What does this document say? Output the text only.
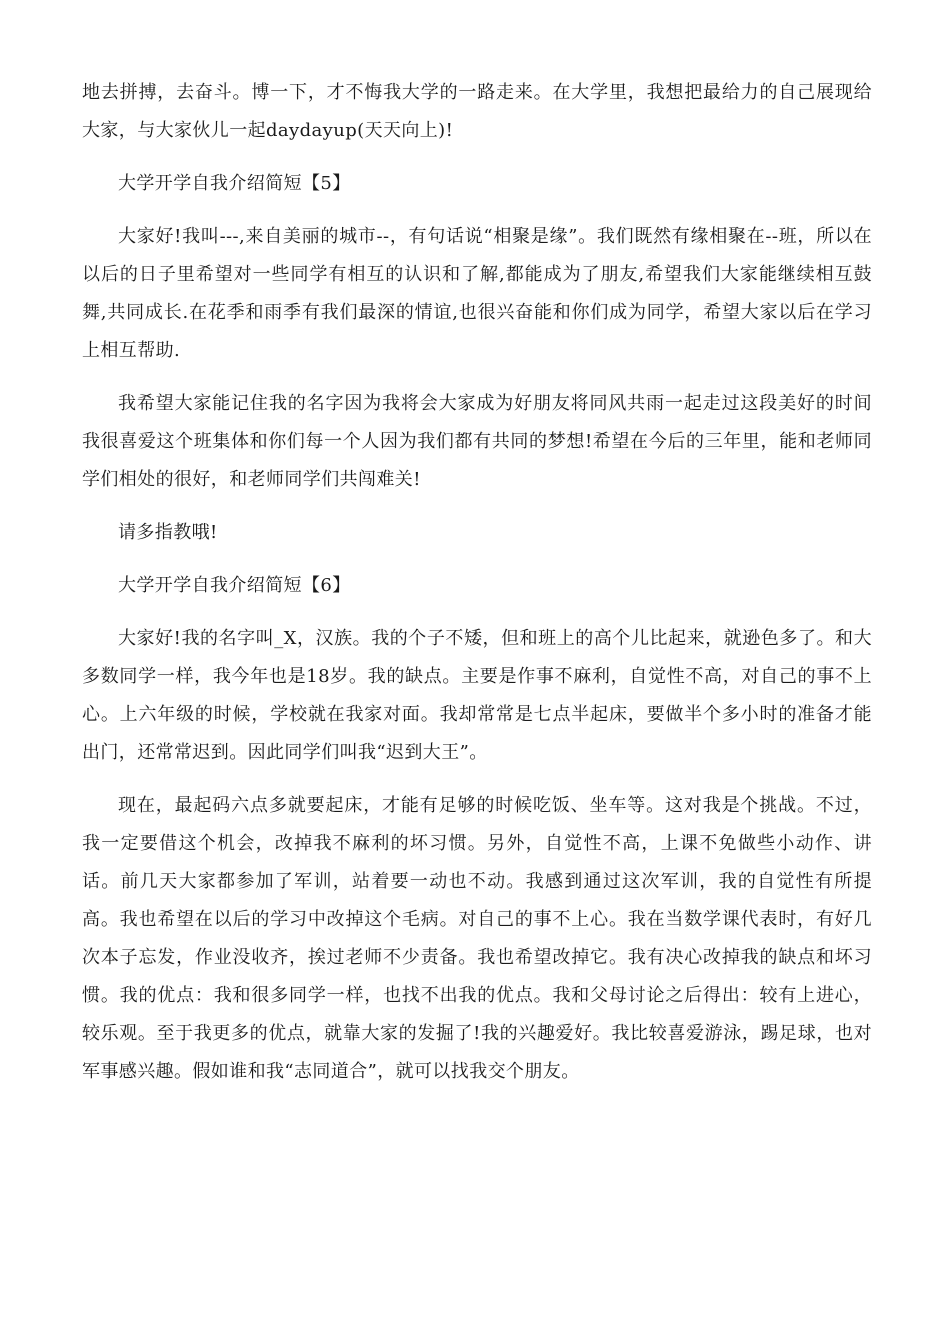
地去拼搏，去奋斗。博一下，才不悔我大学的一路走来。在大学里，我想把最给力的自己展现给大家，与大家伙儿一起daydayup(天天向上)!

大学开学自我介绍简短【5】

大家好!我叫---,来自美丽的城市--，有句话说“相聚是缘”。我们既然有缘相聚在--班，所以在以后的日子里希望对一些同学有相互的认识和了解,都能成为了朋友,希望我们大家能继续相互鼓舞,共同成长.在花季和雨季有我们最深的情谊,也很兴奋能和你们成为同学，希望大家以后在学习上相互帮助.

我希望大家能记住我的名字因为我将会大家成为好朋友将同风共雨一起走过这段美好的时间我很喜爱这个班集体和你们每一个人因为我们都有共同的梦想!希望在今后的三年里，能和老师同学们相处的很好，和老师同学们共闯难关!

请多指教哦!

大学开学自我介绍简短【6】

大家好!我的名字叫_X，汉族。我的个子不矮，但和班上的高个儿比起来，就逊色多了。和大多数同学一样，我今年也是18岁。我的缺点。主要是作事不麻利，自觉性不高，对自己的事不上心。上六年级的时候，学校就在我家对面。我却常常是七点半起床，要做半个多小时的准备才能出门，还常常迟到。因此同学们叫我“迟到大王”。

现在，最起码六点多就要起床，才能有足够的时候吃饭、坐车等。这对我是个挑战。不过，我一定要借这个机会，改掉我不麻利的坏习惯。另外，自觉性不高，上课不免做些小动作、讲话。前几天大家都参加了军训，站着要一动也不动。我感到通过这次军训，我的自觉性有所提高。我也希望在以后的学习中改掉这个毛病。对自己的事不上心。我在当数学课代表时，有好几次本子忘发，作业没收齐，挨过老师不少责备。我也希望改掉它。我有决心改掉我的缺点和坏习惯。我的优点：我和很多同学一样，也找不出我的优点。我和父母讨论之后得出：较有上进心，较乐观。至于我更多的优点，就靠大家的发掘了!我的兴趣爱好。我比较喜爱游泳，踢足球，也对军事感兴趣。假如谁和我“志同道合”，就可以找我交个朋友。
